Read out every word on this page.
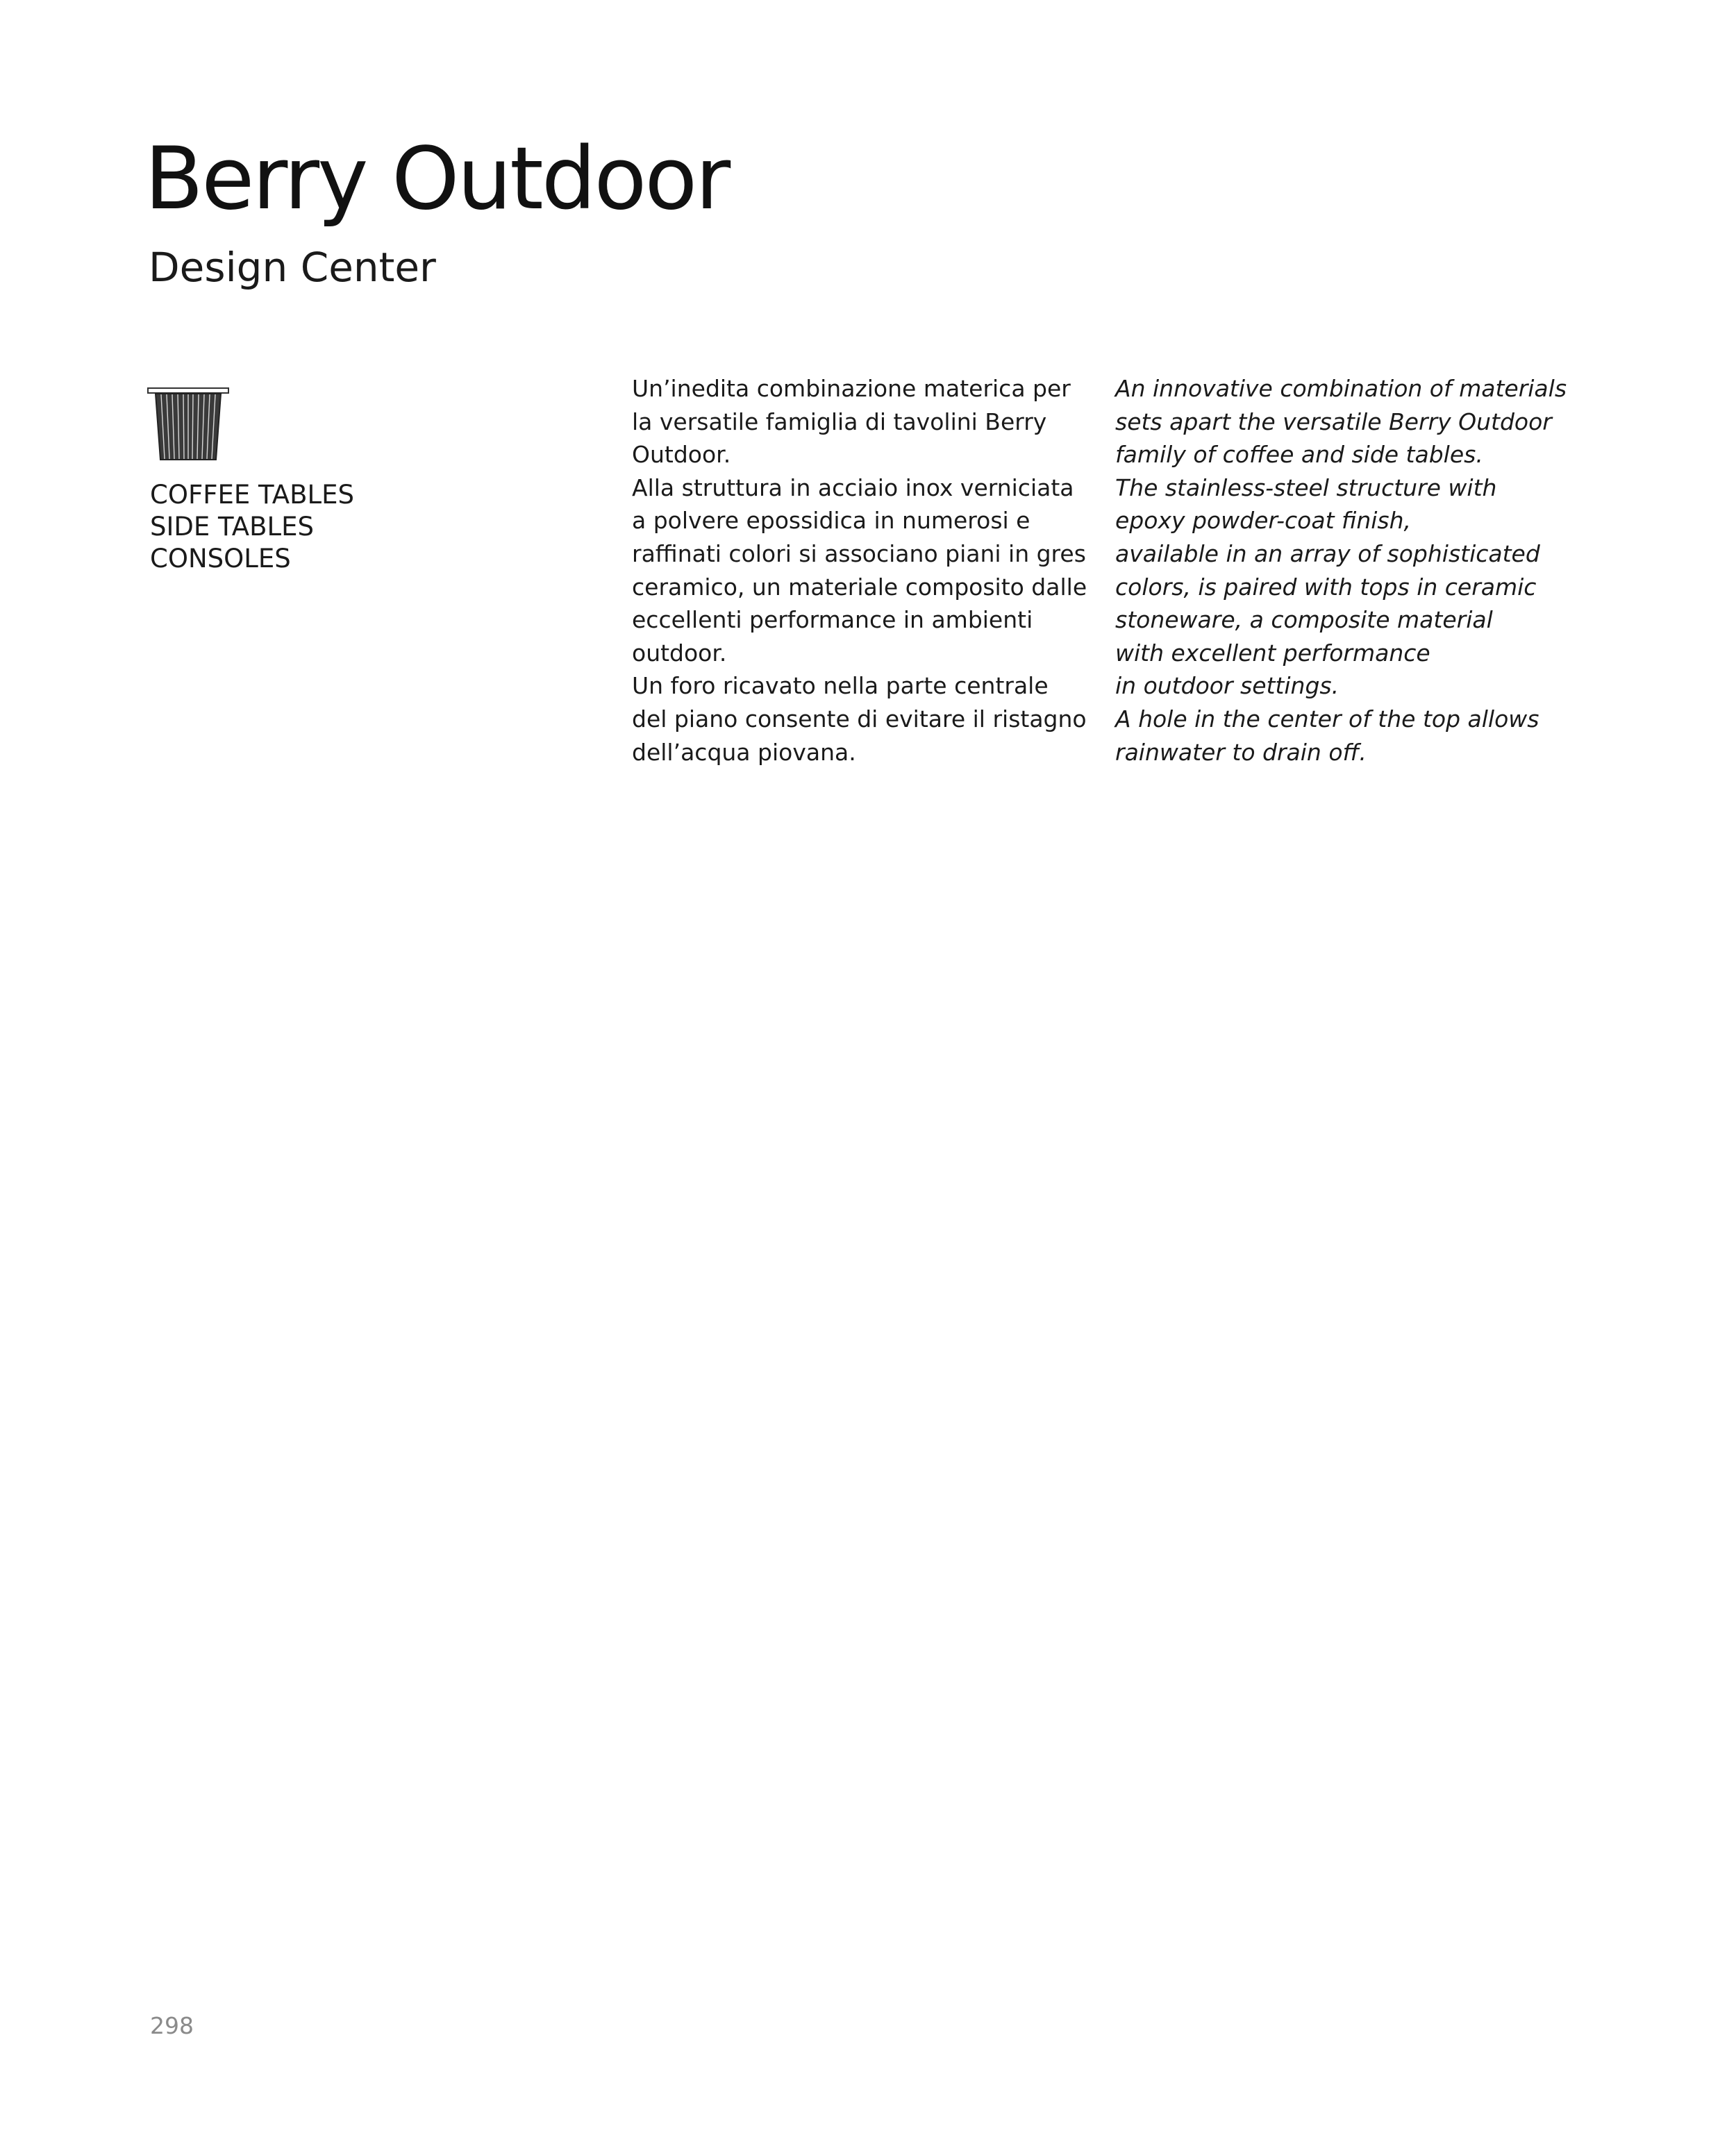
Berry Outdoor
Design Center
COFFEE TABLES
SIDE TABLES
CONSOLES

Un’inedita combinazione materica per
la versatile famiglia di tavolini Berry
Outdoor.
Alla struttura in acciaio inox verniciata
a polvere epossidica in numerosi e
raffinati colori si associano piani in gres
ceramico, un materiale composito dalle
eccellenti performance in ambienti
outdoor.
Un foro ricavato nella parte centrale
del piano consente di evitare il ristagno
dell’acqua piovana.

An innovative combination of materials
sets apart the versatile Berry Outdoor
family of coffee and side tables.
The stainless-steel structure with
epoxy powder-coat finish,
available in an array of sophisticated
colors, is paired with tops in ceramic
stoneware, a composite material
with excellent performance
in outdoor settings.
A hole in the center of the top allows
rainwater to drain off.

298
